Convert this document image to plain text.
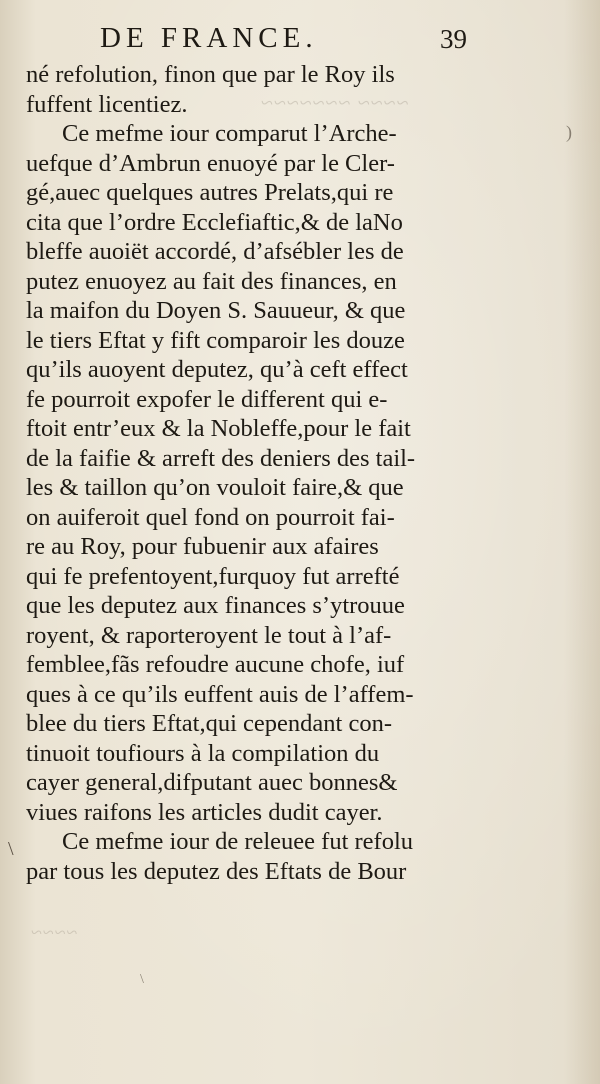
~~~~ ~~~~~~~
~~~~
DE FRANCE.	39
né refolution, finon que par le Roy ils
fuffent licentiez.
Ce mefme iour comparut l’Arche-
uefque d’Ambrun enuoyé par le Cler-
gé,auec quelques autres Prelats,qui re
cita que l’ordre Ecclefiaftic,& de laNo
bleffe auoiët accordé, d’afsébler les de
putez enuoyez au fait des finances, en
la maifon du Doyen S. Sauueur, & que
le tiers Eftat y fift comparoir les douze
qu’ils auoyent deputez, qu’à ceft effect
fe pourroit expofer le different qui e-
ftoit entr’eux & la Nobleffe,pour le fait
de la faifie & arreft des deniers des tail-
les & taillon qu’on vouloit faire,& que
on auiferoit quel fond on pourroit fai-
re au Roy, pour fubuenir aux afaires
qui fe prefentoyent,furquoy fut arrefté
que les deputez aux finances s’ytrouue
royent, & raporteroyent le tout à l’af-
femblee,fãs refoudre aucune chofe, iuf
ques à ce qu’ils euffent auis de l’affem-
blee du tiers Eftat,qui cependant con-
tinuoit toufiours à la compilation du
cayer general,difputant auec bonnes&
viues raifons les articles dudit cayer.
Ce mefme iour de releuee fut refolu
par tous les deputez des Eftats de Bour
\
)
\
